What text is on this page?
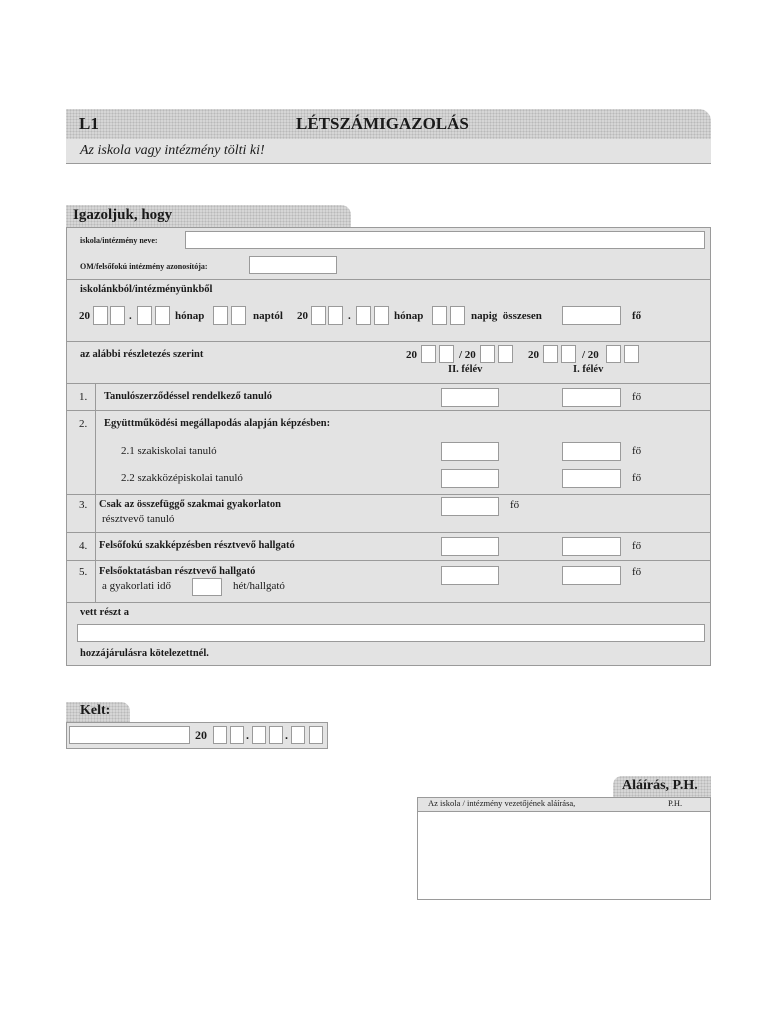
L1	LÉTSZÁMIGAZOLÁS
Az iskola vagy intézmény tölti ki!
Igazoljuk, hogy
iskola/intézmény neve:
OM/felsőfokú intézmény azonosítója:
iskolánkból/intézményünkből
20	.	hónap	naptól 20	.	hónap	napig összesen	fő
az alábbi részletezés szerint	20	/ 20	20	/ 20
II. félév	I. félév
1. Tanulószerződéssel rendelkező tanuló	fő
2. Együttműködési megállapodás alapján képzésben:
2.1 szakiskolai tanuló	fő
2.2 szakközépiskolai tanuló	fő
3. Csak az összefüggő szakmai gyakorlaton
résztvevő tanuló
fő
4. Felsőfokú szakképzésben résztvevő hallgató	fő
5. Felsőoktatásban résztvevő hallgató
a gyakorlati idő	hét/hallgató
fő
vett részt a
hozzájárulásra kötelezettnél.
Kelt:
20	.	.
Aláírás, P.H.
Az iskola / intézmény vezetőjének aláírása,	P.H.
